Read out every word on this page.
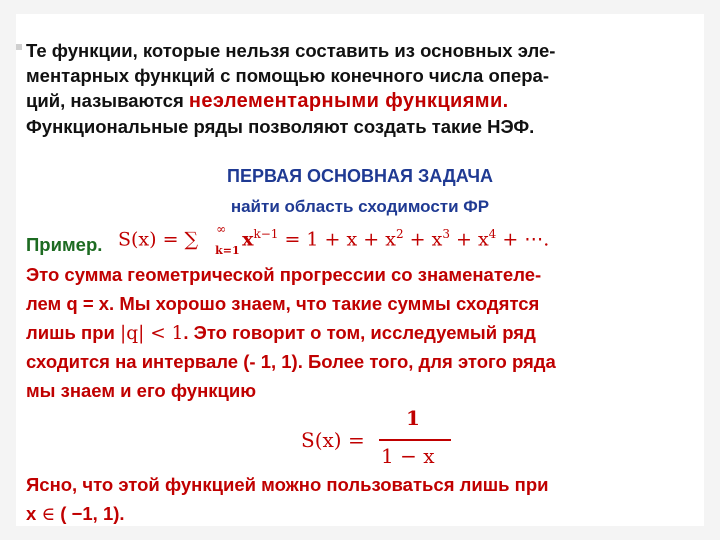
Те функции, которые нельзя составить из основных эле-
ментарных функций с помощью конечного числа опера-
ций, называются неэлементарными функциями.
Функциональные ряды позволяют создать такие НЭФ.
ПЕРВАЯ ОСНОВНАЯ ЗАДАЧА
найти область сходимости ФР
Пример. S(x) = ∑ ∞
k=1
$x^{k-1} = 1 + x + x^2 + x^3 + x^4$ + ⋯.
Это сумма геометрической прогрессии со знаменателе-
лем q = x. Мы хорошо знаем, что такие суммы сходятся
лишь при |q| < 1. Это говорит о том, исследуемый ряд
сходится на интервале (- 1, 1). Более того, для этого ряда
мы знаем и его функцию
S(x) =
1
1 − x
Ясно, что этой функцией можно пользоваться лишь при
x ∈ ( −1, 1).
